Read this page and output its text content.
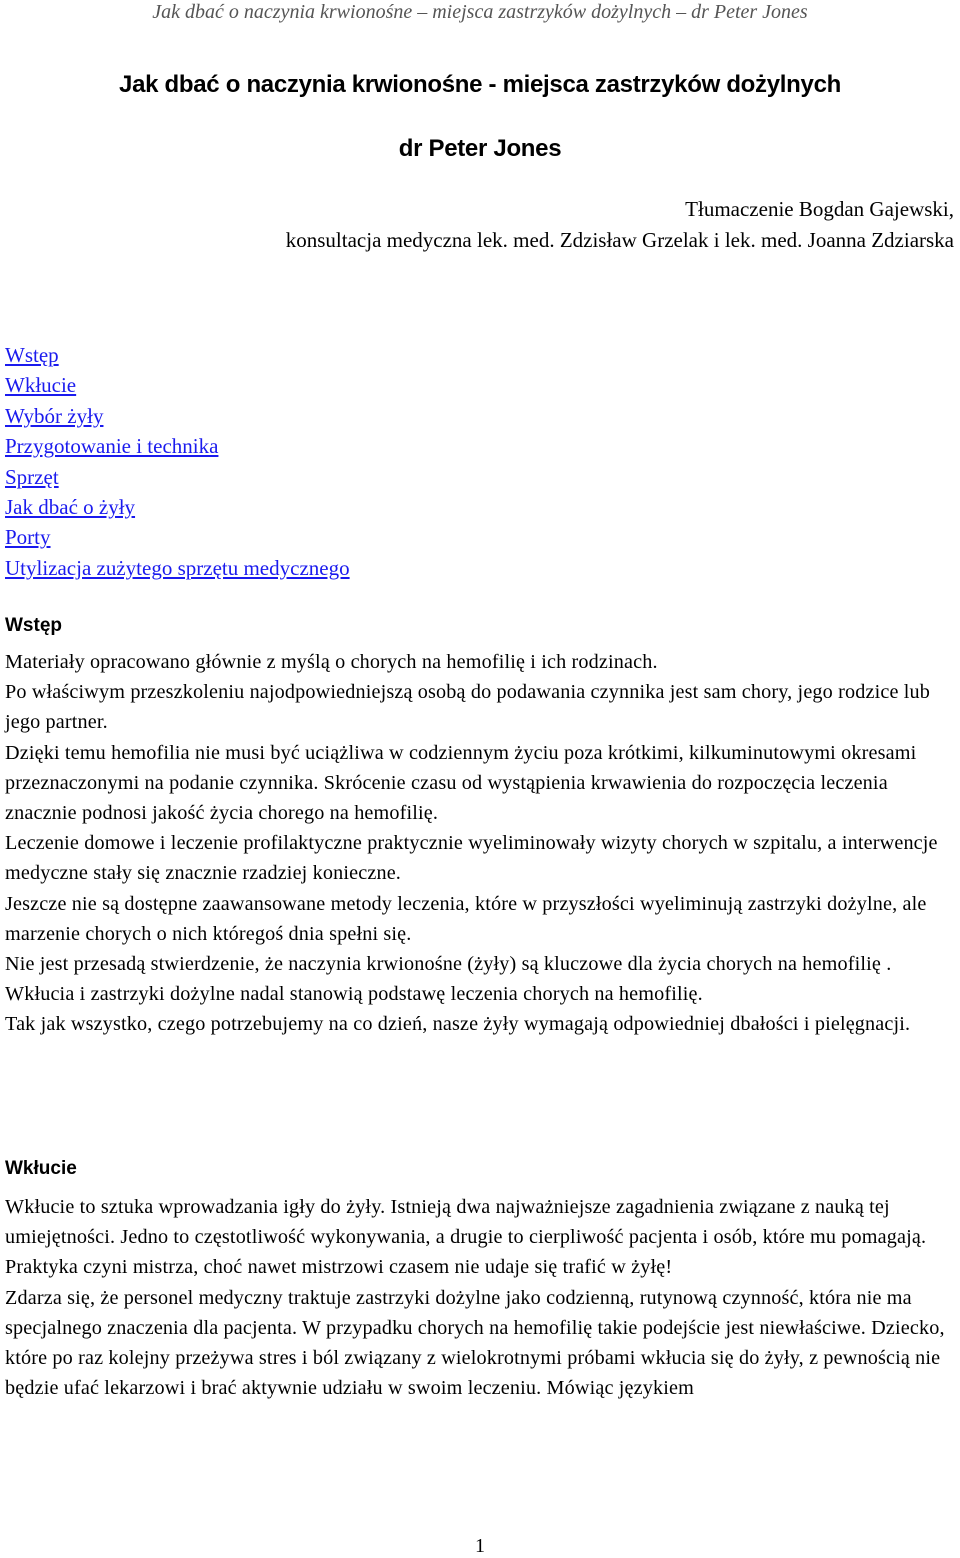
Jak dbać o naczynia krwionośne – miejsca zastrzyków dożylnych – dr Peter Jones
Jak dbać o naczynia krwionośne - miejsca zastrzyków dożylnych
dr Peter Jones
Tłumaczenie Bogdan Gajewski,
konsultacja medyczna lek. med. Zdzisław Grzelak i lek. med. Joanna Zdziarska
Wstęp
Wkłucie
Wybór żyły
Przygotowanie i technika
Sprzęt
Jak dbać o żyły
Porty
Utylizacja zużytego sprzętu medycznego
Wstęp

Materiały opracowano głównie z myślą o chorych na hemofilię i ich rodzinach.

Po właściwym przeszkoleniu najodpowiedniejszą osobą do podawania czynnika jest sam chory, jego rodzice lub jego partner.

Dzięki temu hemofilia nie musi być uciążliwa w codziennym życiu poza krótkimi, kilkuminutowymi okresami przeznaczonymi na podanie czynnika. Skrócenie czasu od wystąpienia krwawienia do rozpoczęcia leczenia znacznie podnosi jakość życia chorego na hemofilię.

Leczenie domowe i leczenie profilaktyczne praktycznie wyeliminowały wizyty chorych w szpitalu, a interwencje medyczne stały się znacznie rzadziej konieczne.

Jeszcze nie są dostępne zaawansowane metody leczenia, które w przyszłości wyeliminują zastrzyki dożylne, ale marzenie chorych o nich któregoś dnia spełni się.

Nie jest przesadą stwierdzenie, że naczynia krwionośne (żyły) są kluczowe dla życia chorych na hemofilię .

Wkłucia i zastrzyki dożylne nadal stanowią podstawę leczenia chorych na hemofilię.

Tak jak wszystko, czego potrzebujemy na co dzień, nasze żyły wymagają odpowiedniej dbałości i pielęgnacji.

Wkłucie

Wkłucie to sztuka wprowadzania igły do żyły. Istnieją dwa najważniejsze zagadnienia związane z nauką tej umiejętności. Jedno to częstotliwość wykonywania, a drugie to cierpliwość pacjenta i osób, które mu pomagają. Praktyka czyni mistrza, choć nawet mistrzowi czasem nie udaje się trafić w żyłę!

Zdarza się, że personel medyczny traktuje zastrzyki dożylne jako codzienną, rutynową czynność, która nie ma specjalnego znaczenia dla pacjenta. W przypadku chorych na hemofilię takie podejście jest niewłaściwe. Dziecko, które po raz kolejny przeżywa stres i ból związany z wielokrotnymi próbami wkłucia się do żyły, z pewnością nie będzie ufać lekarzowi i brać aktywnie udziału w swoim leczeniu. Mówiąc językiem

1
